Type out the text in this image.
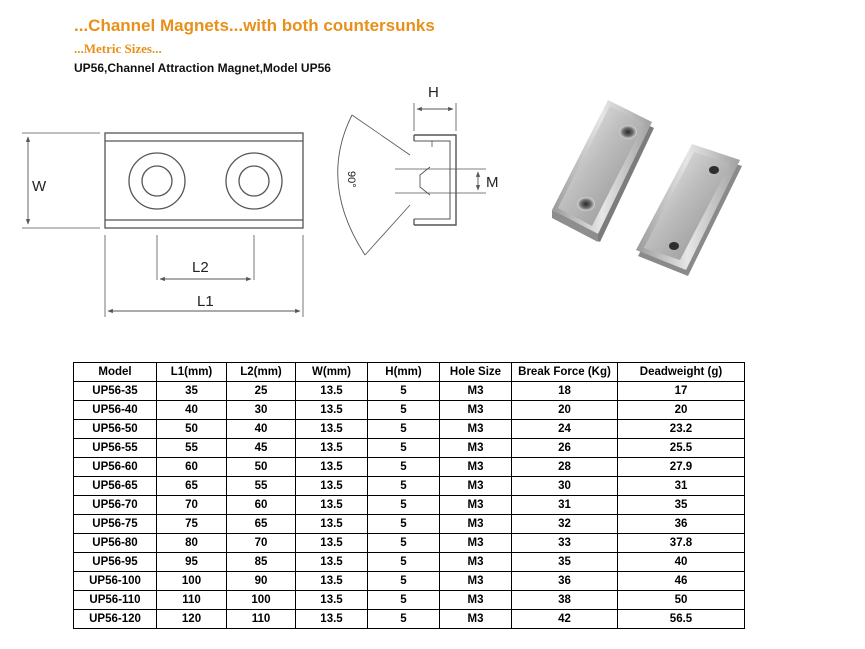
...Channel Magnets...with both countersunks
...Metric Sizes...
UP56,Channel Attraction Magnet,Model UP56
W
L2
L1
H
M
90°
Model	L1(mm)	L2(mm)	W(mm)	H(mm)	Hole Size	Break Force (Kg)	Deadweight (g)
UP56-35	35	25	13.5	5	M3	18	17
UP56-40	40	30	13.5	5	M3	20	20
UP56-50	50	40	13.5	5	M3	24	23.2
UP56-55	55	45	13.5	5	M3	26	25.5
UP56-60	60	50	13.5	5	M3	28	27.9
UP56-65	65	55	13.5	5	M3	30	31
UP56-70	70	60	13.5	5	M3	31	35
UP56-75	75	65	13.5	5	M3	32	36
UP56-80	80	70	13.5	5	M3	33	37.8
UP56-95	95	85	13.5	5	M3	35	40
UP56-100	100	90	13.5	5	M3	36	46
UP56-110	110	100	13.5	5	M3	38	50
UP56-120	120	110	13.5	5	M3	42	56.5
